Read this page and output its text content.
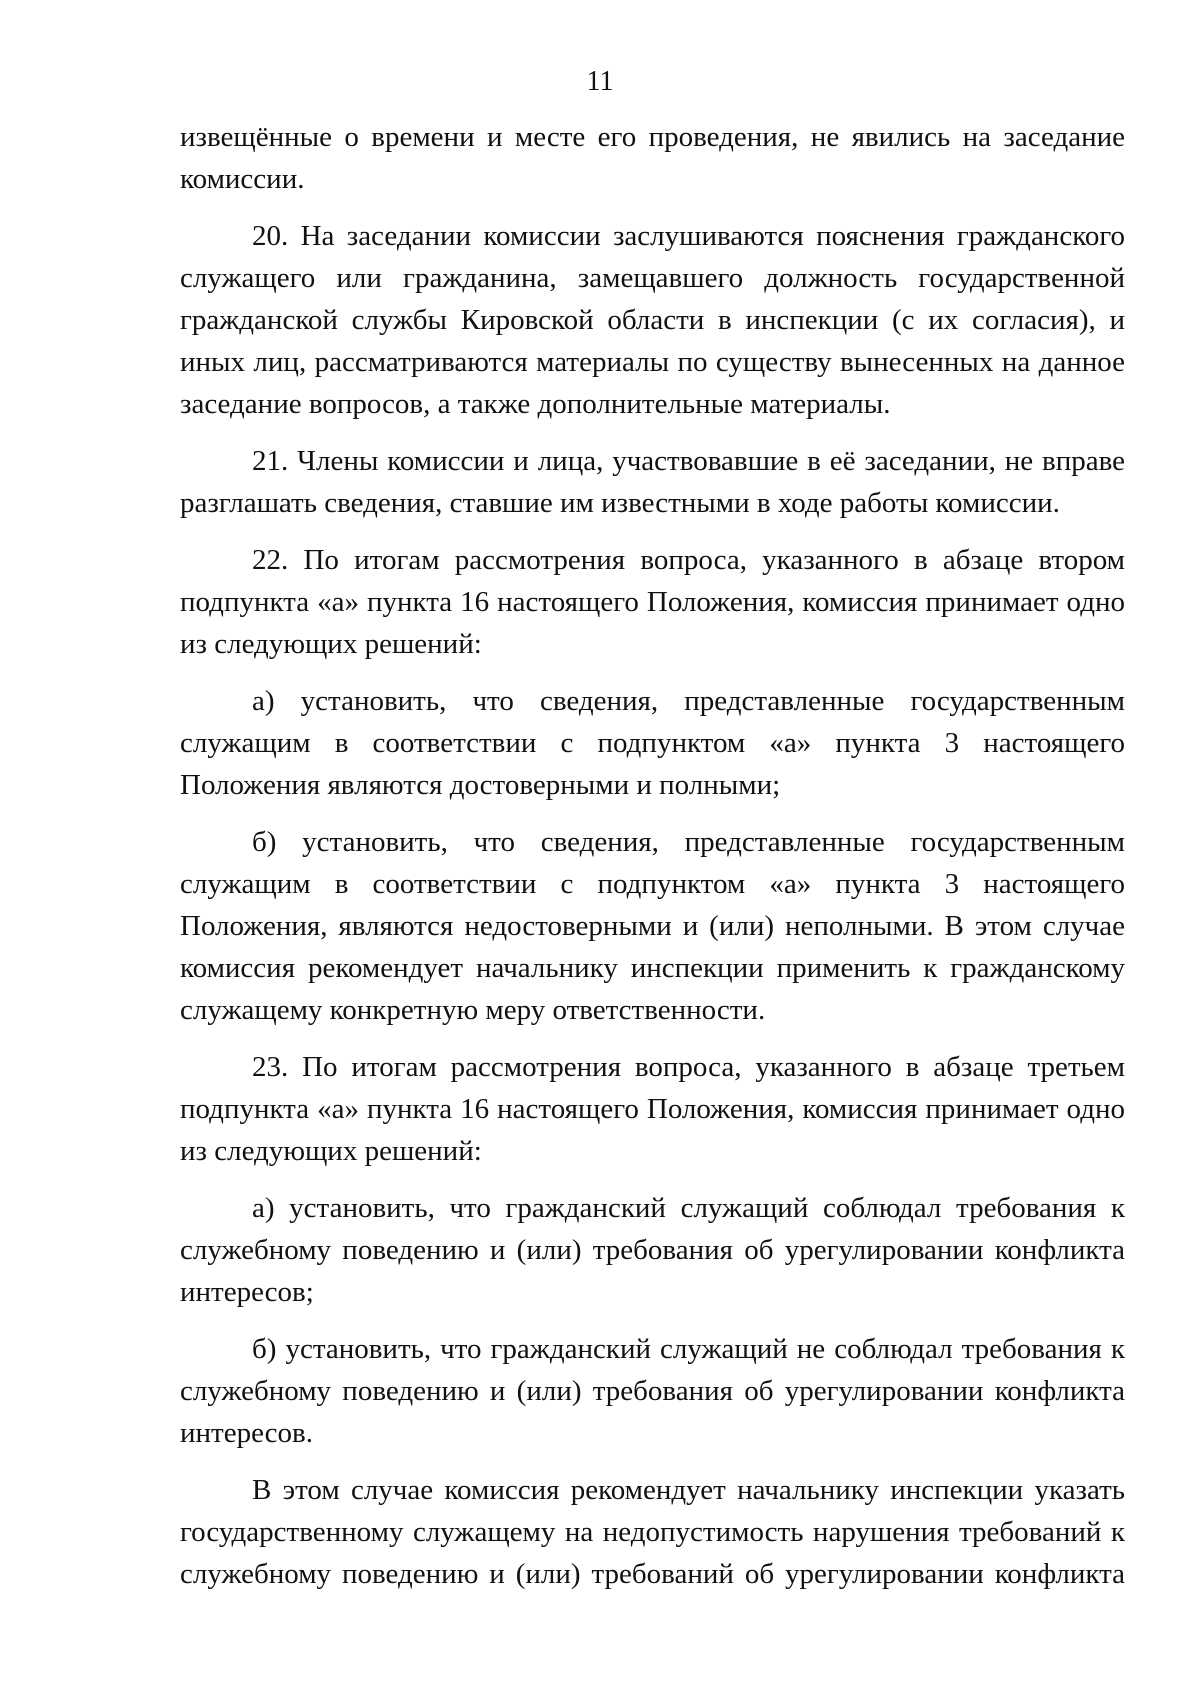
11

извещённые о времени и месте его проведения, не явились на заседание комиссии.

20. На заседании комиссии заслушиваются пояснения гражданского служащего или гражданина, замещавшего должность государственной гражданской службы Кировской области в инспекции (с их согласия), и иных лиц, рассматриваются материалы по существу вынесенных на данное заседание вопросов, а также дополнительные материалы.

21. Члены комиссии и лица, участвовавшие в её заседании, не вправе разглашать сведения, ставшие им известными в ходе работы комиссии.

22. По итогам рассмотрения вопроса, указанного в абзаце втором подпункта «а» пункта 16 настоящего Положения, комиссия принимает одно из следующих решений:

а) установить, что сведения, представленные государственным служащим в соответствии с подпунктом «а» пункта 3 настоящего Положения являются достоверными и полными;

б) установить, что сведения, представленные государственным служащим в соответствии с подпунктом «а» пункта 3 настоящего Положения, являются недостоверными и (или) неполными. В этом случае комиссия рекомендует начальнику инспекции применить к гражданскому служащему конкретную меру ответственности.

23. По итогам рассмотрения вопроса, указанного в абзаце третьем подпункта «а» пункта 16 настоящего Положения, комиссия принимает одно из следующих решений:

а) установить, что гражданский служащий соблюдал требования к служебному поведению и (или) требования об урегулировании конфликта интересов;

б) установить, что гражданский служащий не соблюдал требования к служебному поведению и (или) требования об урегулировании конфликта интересов.

В этом случае комиссия рекомендует начальнику инспекции указать государственному служащему на недопустимость нарушения требований к служебному поведению и (или) требований об урегулировании конфликта
